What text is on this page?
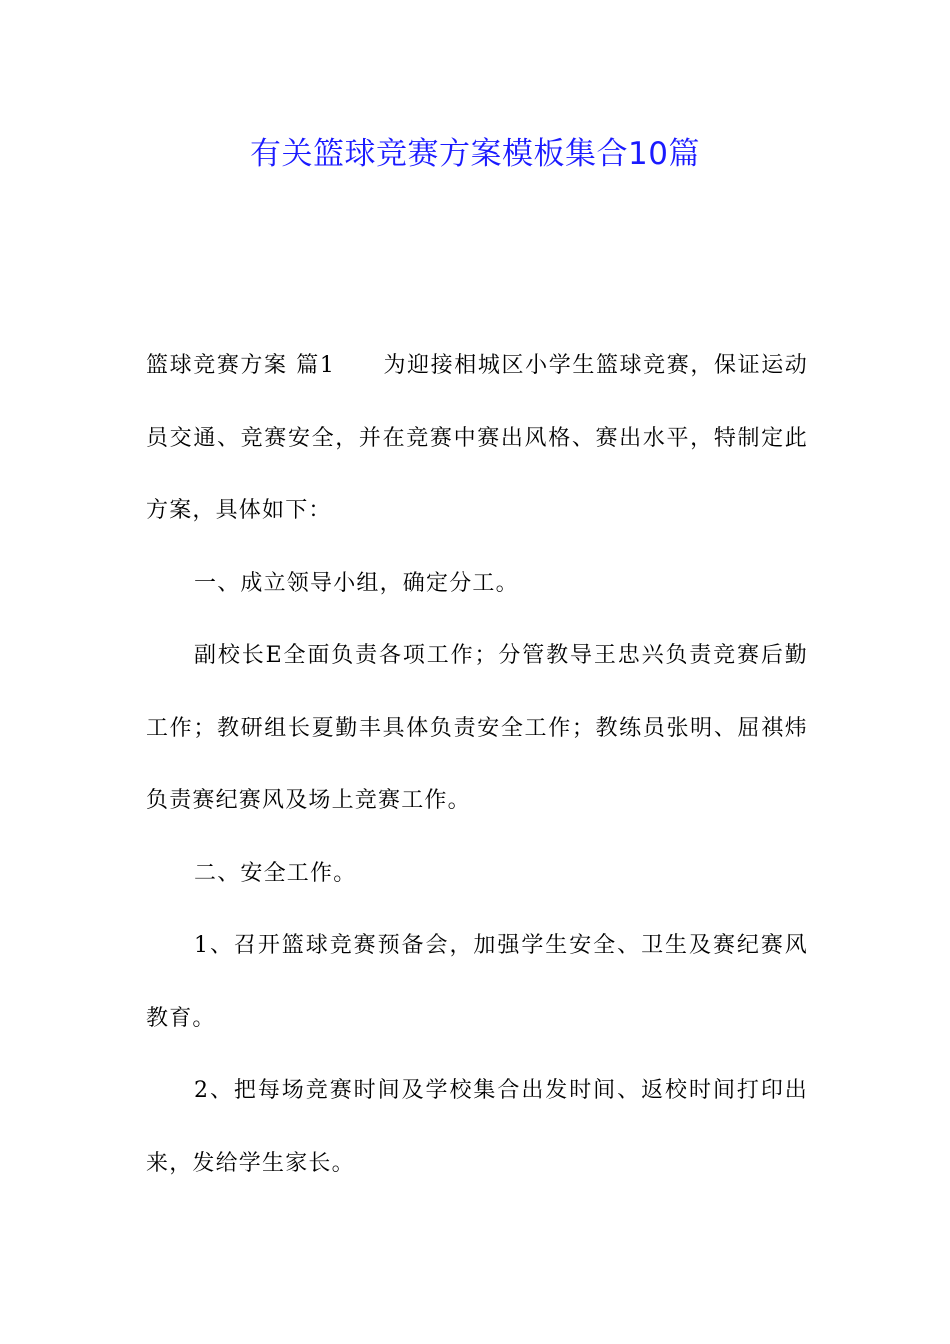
有关篮球竞赛方案模板集合10篇

篮球竞赛方案 篇1 为迎接相城区小学生篮球竞赛，保证运动员交通、竞赛安全，并在竞赛中赛出风格、赛出水平，特制定此方案，具体如下：

一、成立领导小组，确定分工。

副校长E全面负责各项工作；分管教导王忠兴负责竞赛后勤工作；教研组长夏勤丰具体负责安全工作；教练员张明、屈祺炜负责赛纪赛风及场上竞赛工作。

二、安全工作。

1、召开篮球竞赛预备会，加强学生安全、卫生及赛纪赛风教育。

2、把每场竞赛时间及学校集合出发时间、返校时间打印出来，发给学生家长。
